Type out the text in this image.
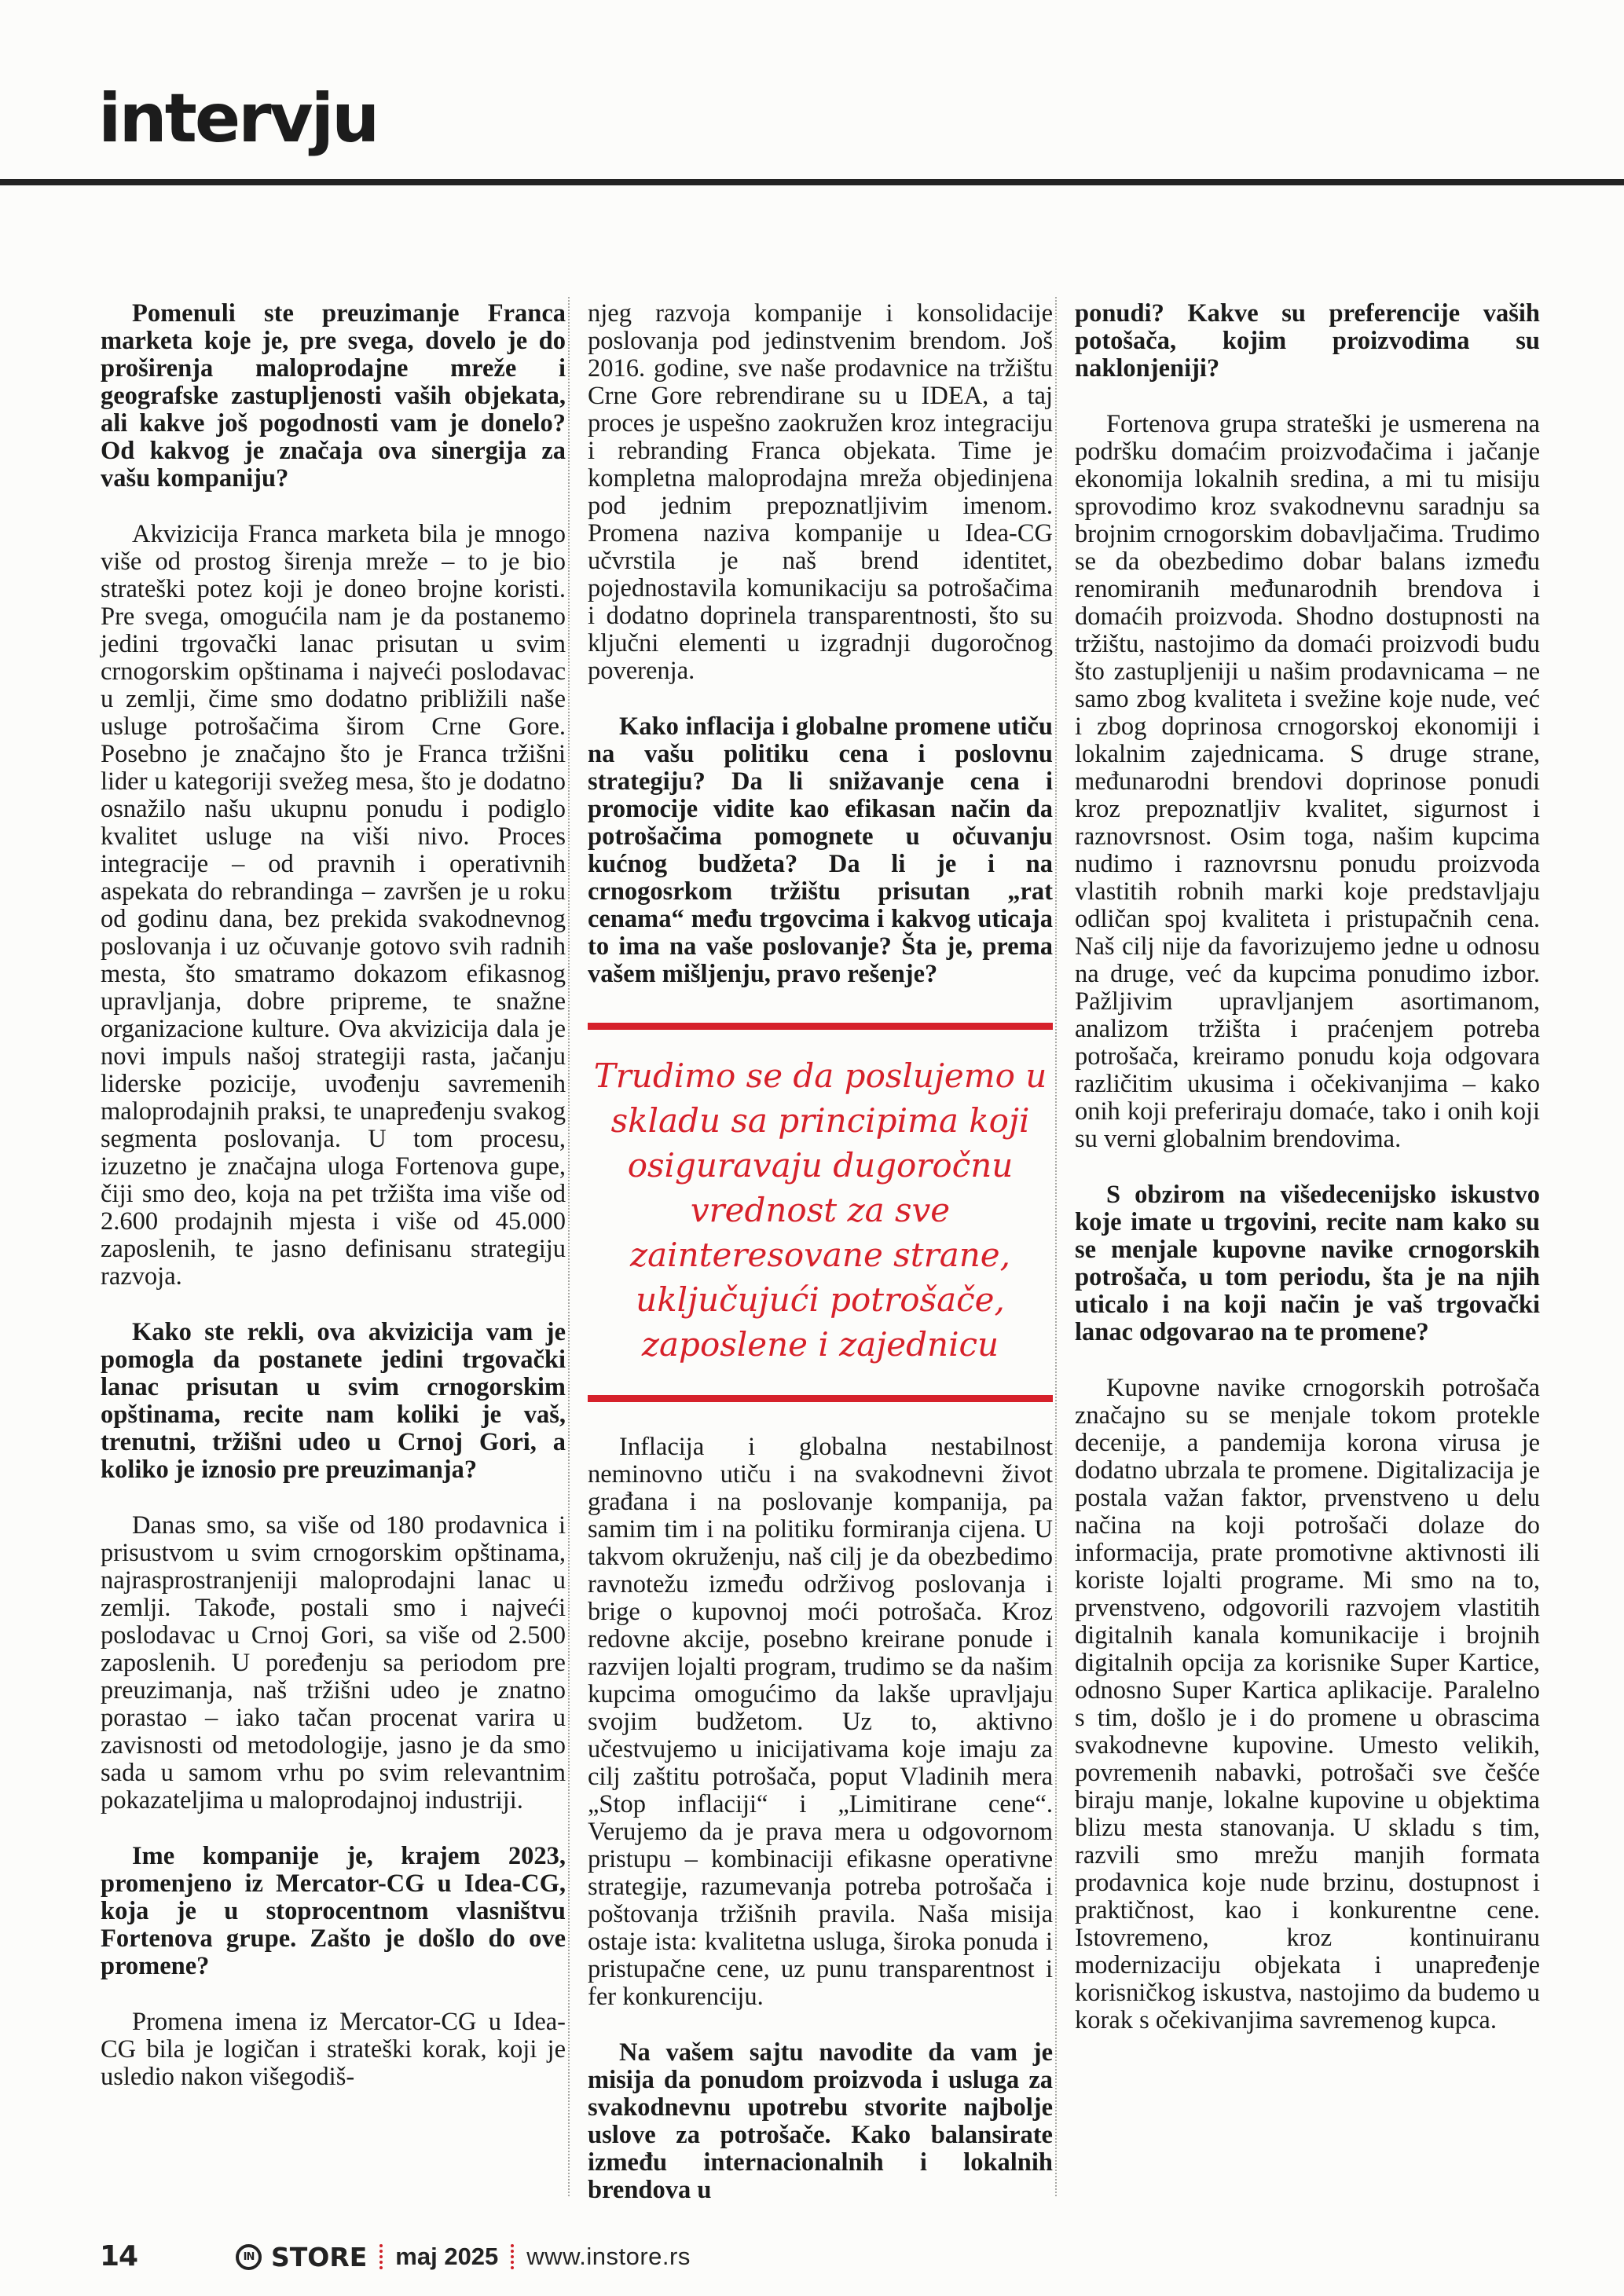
intervju

Pomenuli ste preuzimanje Franca marketa koje je, pre svega, dovelo je do proširenja maloprodajne mreže i geografske zastupljenosti vaših objekata, ali kakve još pogodnosti vam je donelo? Od kakvog je značaja ova sinergija za vašu kompaniju?

Akvizicija Franca marketa bila je mnogo više od prostog širenja mreže – to je bio strateški potez koji je doneo brojne koristi. Pre svega, omogućila nam je da postanemo jedini trgovački lanac prisutan u svim crnogorskim opštinama i najveći poslodavac u zemlji, čime smo dodatno približili naše usluge potrošačima širom Crne Gore. Posebno je značajno što je Franca tržišni lider u kategoriji svežeg mesa, što je dodatno osnažilo našu ukupnu ponudu i podiglo kvalitet usluge na viši nivo. Proces integracije – od pravnih i operativnih aspekata do rebrandinga – završen je u roku od godinu dana, bez prekida svakodnevnog poslovanja i uz očuvanje gotovo svih radnih mesta, što smatramo dokazom efikasnog upravljanja, dobre pripreme, te snažne organizacione kulture. Ova akvizicija dala je novi impuls našoj strategiji rasta, jačanju liderske pozicije, uvođenju savremenih maloprodajnih praksi, te unapređenju svakog segmenta poslovanja. U tom procesu, izuzetno je značajna uloga Fortenova gupe, čiji smo deo, koja na pet tržišta ima više od 2.600 prodajnih mjesta i više od 45.000 zaposlenih, te jasno definisanu strategiju razvoja.

Kako ste rekli, ova akvizicija vam je pomogla da postanete jedini trgovački lanac prisutan u svim crnogorskim opštinama, recite nam koliki je vaš, trenutni, tržišni udeo u Crnoj Gori, a koliko je iznosio pre preuzimanja?

Danas smo, sa više od 180 prodavnica i prisustvom u svim crnogorskim opštinama, najrasprostranjeniji maloprodajni lanac u zemlji. Takođe, postali smo i najveći poslodavac u Crnoj Gori, sa više od 2.500 zaposlenih. U poređenju sa periodom pre preuzimanja, naš tržišni udeo je znatno porastao – iako tačan procenat varira u zavisnosti od metodologije, jasno je da smo sada u samom vrhu po svim relevantnim pokazateljima u maloprodajnoj industriji.

Ime kompanije je, krajem 2023, promenjeno iz Mercator-CG u Idea-CG, koja je u stoprocentnom vlasništvu Fortenova grupe. Zašto je došlo do ove promene?

Promena imena iz Mercator-CG u Idea-CG bila je logičan i strateški korak, koji je usledio nakon višegodiš-

njeg razvoja kompanije i konsolidacije poslovanja pod jedinstvenim brendom. Još 2016. godine, sve naše prodavnice na tržištu Crne Gore rebrendirane su u IDEA, a taj proces je uspešno zaokružen kroz integraciju i rebranding Franca objekata. Time je kompletna maloprodajna mreža objedinjena pod jednim prepoznatljivim imenom. Promena naziva kompanije u Idea-CG učvrstila je naš brend identitet, pojednostavila komunikaciju sa potrošačima i dodatno doprinela transparentnosti, što su ključni elementi u izgradnji dugoročnog poverenja.

Kako inflacija i globalne promene utiču na vašu politiku cena i poslovnu strategiju? Da li snižavanje cena i promocije vidite kao efikasan način da potrošačima pomognete u očuvanju kućnog budžeta? Da li je i na crnogosrkom tržištu prisutan „rat cenama“ među trgovcima i kakvog uticaja to ima na vaše poslovanje? Šta je, prema vašem mišljenju, pravo rešenje?

Trudimo se da poslujemo u skladu sa principima koji osiguravaju dugoročnu vrednost za sve zainteresovane strane, uključujući potrošače, zaposlene i zajednicu

Inflacija i globalna nestabilnost neminovno utiču i na svakodnevni život građana i na poslovanje kompanija, pa samim tim i na politiku formiranja cijena. U takvom okruženju, naš cilj je da obezbedimo ravnotežu između održivog poslovanja i brige o kupovnoj moći potrošača. Kroz redovne akcije, posebno kreirane ponude i razvijen lojalti program, trudimo se da našim kupcima omogućimo da lakše upravljaju svojim budžetom. Uz to, aktivno učestvujemo u inicijativama koje imaju za cilj zaštitu potrošača, poput Vladinih mera „Stop inflaciji“ i „Limitirane cene“. Verujemo da je prava mera u odgovornom pristupu – kombinaciji efikasne operativne strategije, razumevanja potreba potrošača i poštovanja tržišnih pravila. Naša misija ostaje ista: kvalitetna usluga, široka ponuda i pristupačne cene, uz punu transparentnost i fer konkurenciju.

Na vašem sajtu navodite da vam je misija da ponudom proizvoda i usluga za svakodnevnu upotrebu stvorite najbolje uslove za potrošače. Kako balansirate između internacionalnih i lokalnih brendova u

ponudi? Kakve su preferencije vaših potošača, kojim proizvodima su naklonjeniji?

Fortenova grupa strateški je usmerena na podršku domaćim proizvođačima i jačanje ekonomija lokalnih sredina, a mi tu misiju sprovodimo kroz svakodnevnu saradnju sa brojnim crnogorskim dobavljačima. Trudimo se da obezbedimo dobar balans između renomiranih međunarodnih brendova i domaćih proizvoda. Shodno dostupnosti na tržištu, nastojimo da domaći proizvodi budu što zastupljeniji u našim prodavnicama – ne samo zbog kvaliteta i svežine koje nude, već i zbog doprinosa crnogorskoj ekonomiji i lokalnim zajednicama. S druge strane, međunarodni brendovi doprinose ponudi kroz prepoznatljiv kvalitet, sigurnost i raznovrsnost. Osim toga, našim kupcima nudimo i raznovrsnu ponudu proizvoda vlastitih robnih marki koje predstavljaju odličan spoj kvaliteta i pristupačnih cena. Naš cilj nije da favorizujemo jedne u odnosu na druge, već da kupcima ponudimo izbor. Pažljivim upravljanjem asortimanom, analizom tržišta i praćenjem potreba potrošača, kreiramo ponudu koja odgovara različitim ukusima i očekivanjima – kako onih koji preferiraju domaće, tako i onih koji su verni globalnim brendovima.

S obzirom na višedecenijsko iskustvo koje imate u trgovini, recite nam kako su se menjale kupovne navike crnogorskih potrošača, u tom periodu, šta je na njih uticalo i na koji način je vaš trgovački lanac odgovarao na te promene?

Kupovne navike crnogorskih potrošača značajno su se menjale tokom protekle decenije, a pandemija korona virusa je dodatno ubrzala te promene. Digitalizacija je postala važan faktor, prvenstveno u delu načina na koji potrošači dolaze do informacija, prate promotivne aktivnosti ili koriste lojalti programe. Mi smo na to, prvenstveno, odgovorili razvojem vlastitih digitalnih kanala komunikacije i brojnih digitalnih opcija za korisnike Super Kartice, odnosno Super Kartica aplikacije. Paralelno s tim, došlo je i do promene u obrascima svakodnevne kupovine. Umesto velikih, povremenih nabavki, potrošači sve češće biraju manje, lokalne kupovine u objektima blizu mesta stanovanja. U skladu s tim, razvili smo mrežu manjih formata prodavnica koje nude brzinu, dostupnost i praktičnost, kao i konkurentne cene. Istovremeno, kroz kontinuiranu modernizaciju objekata i unapređenje korisničkog iskustva, nastojimo da budemo u korak s očekivanjima savremenog kupca.

14	IN STORE maj 2025 www.instore.rs
